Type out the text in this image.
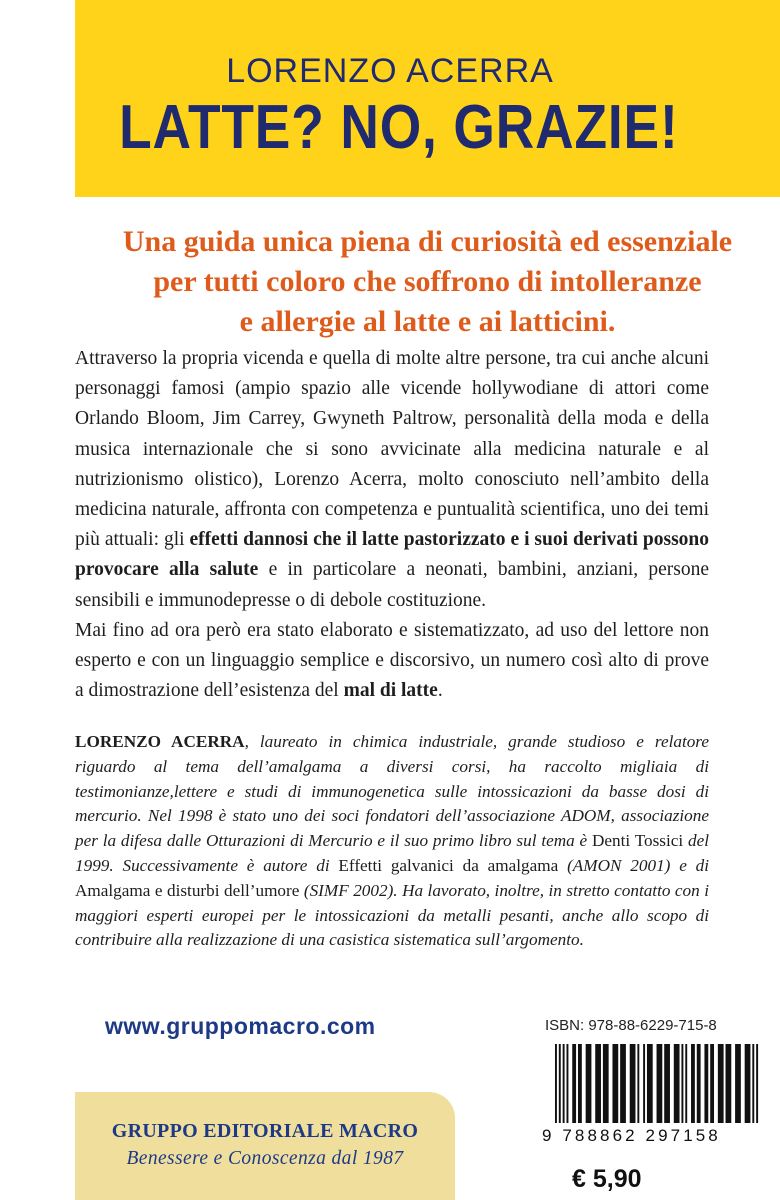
LORENZO ACERRA
LATTE? NO, GRAZIE!
Una guida unica piena di curiosità ed essenziale
per tutti coloro che soffrono di intolleranze
e allergie al latte e ai latticini.

Attraverso la propria vicenda e quella di molte altre persone, tra cui anche alcuni personaggi famosi (ampio spazio alle vicende hollywodiane di attori come Orlando Bloom, Jim Carrey, Gwyneth Paltrow, personalità della moda e della musica internazionale che si sono avvicinate alla medicina naturale e al nutrizionismo olistico), Lorenzo Acerra, molto conosciuto nell’ambito della medicina naturale, affronta con competenza e puntualità scientifica, uno dei temi più attuali: gli effetti dannosi che il latte pastorizzato e i suoi derivati possono provocare alla salute e in particolare a neonati, bambini, anziani, persone sensibili e immunodepresse o di debole costituzione.

Mai fino ad ora però era stato elaborato e sistematizzato, ad uso del lettore non esperto e con un linguaggio semplice e discorsivo, un numero così alto di prove a dimostrazione dell’esistenza del mal di latte.

LORENZO ACERRA, laureato in chimica industriale, grande studioso e relatore riguardo al tema dell’amalgama a diversi corsi, ha raccolto migliaia di testimonianze,lettere e studi di immunogenetica sulle intossicazioni da basse dosi di mercurio. Nel 1998 è stato uno dei soci fondatori dell’associazione ADOM, associazione per la difesa dalle Otturazioni di Mercurio e il suo primo libro sul tema è Denti Tossici del 1999. Successivamente è autore di Effetti galvanici da amalgama (AMON 2001) e di Amalgama e disturbi dell’umore (SIMF 2002). Ha lavorato, inoltre, in stretto contatto con i maggiori esperti europei per le intossicazioni da metalli pesanti, anche allo scopo di contribuire alla realizzazione di una casistica sistematica sull’argomento.
www.gruppomacro.com
GRUPPO EDITORIALE MACRO
Benessere e Conoscenza dal 1987
ISBN: 978-88-6229-715-8
9 788862 297158
€ 5,90
